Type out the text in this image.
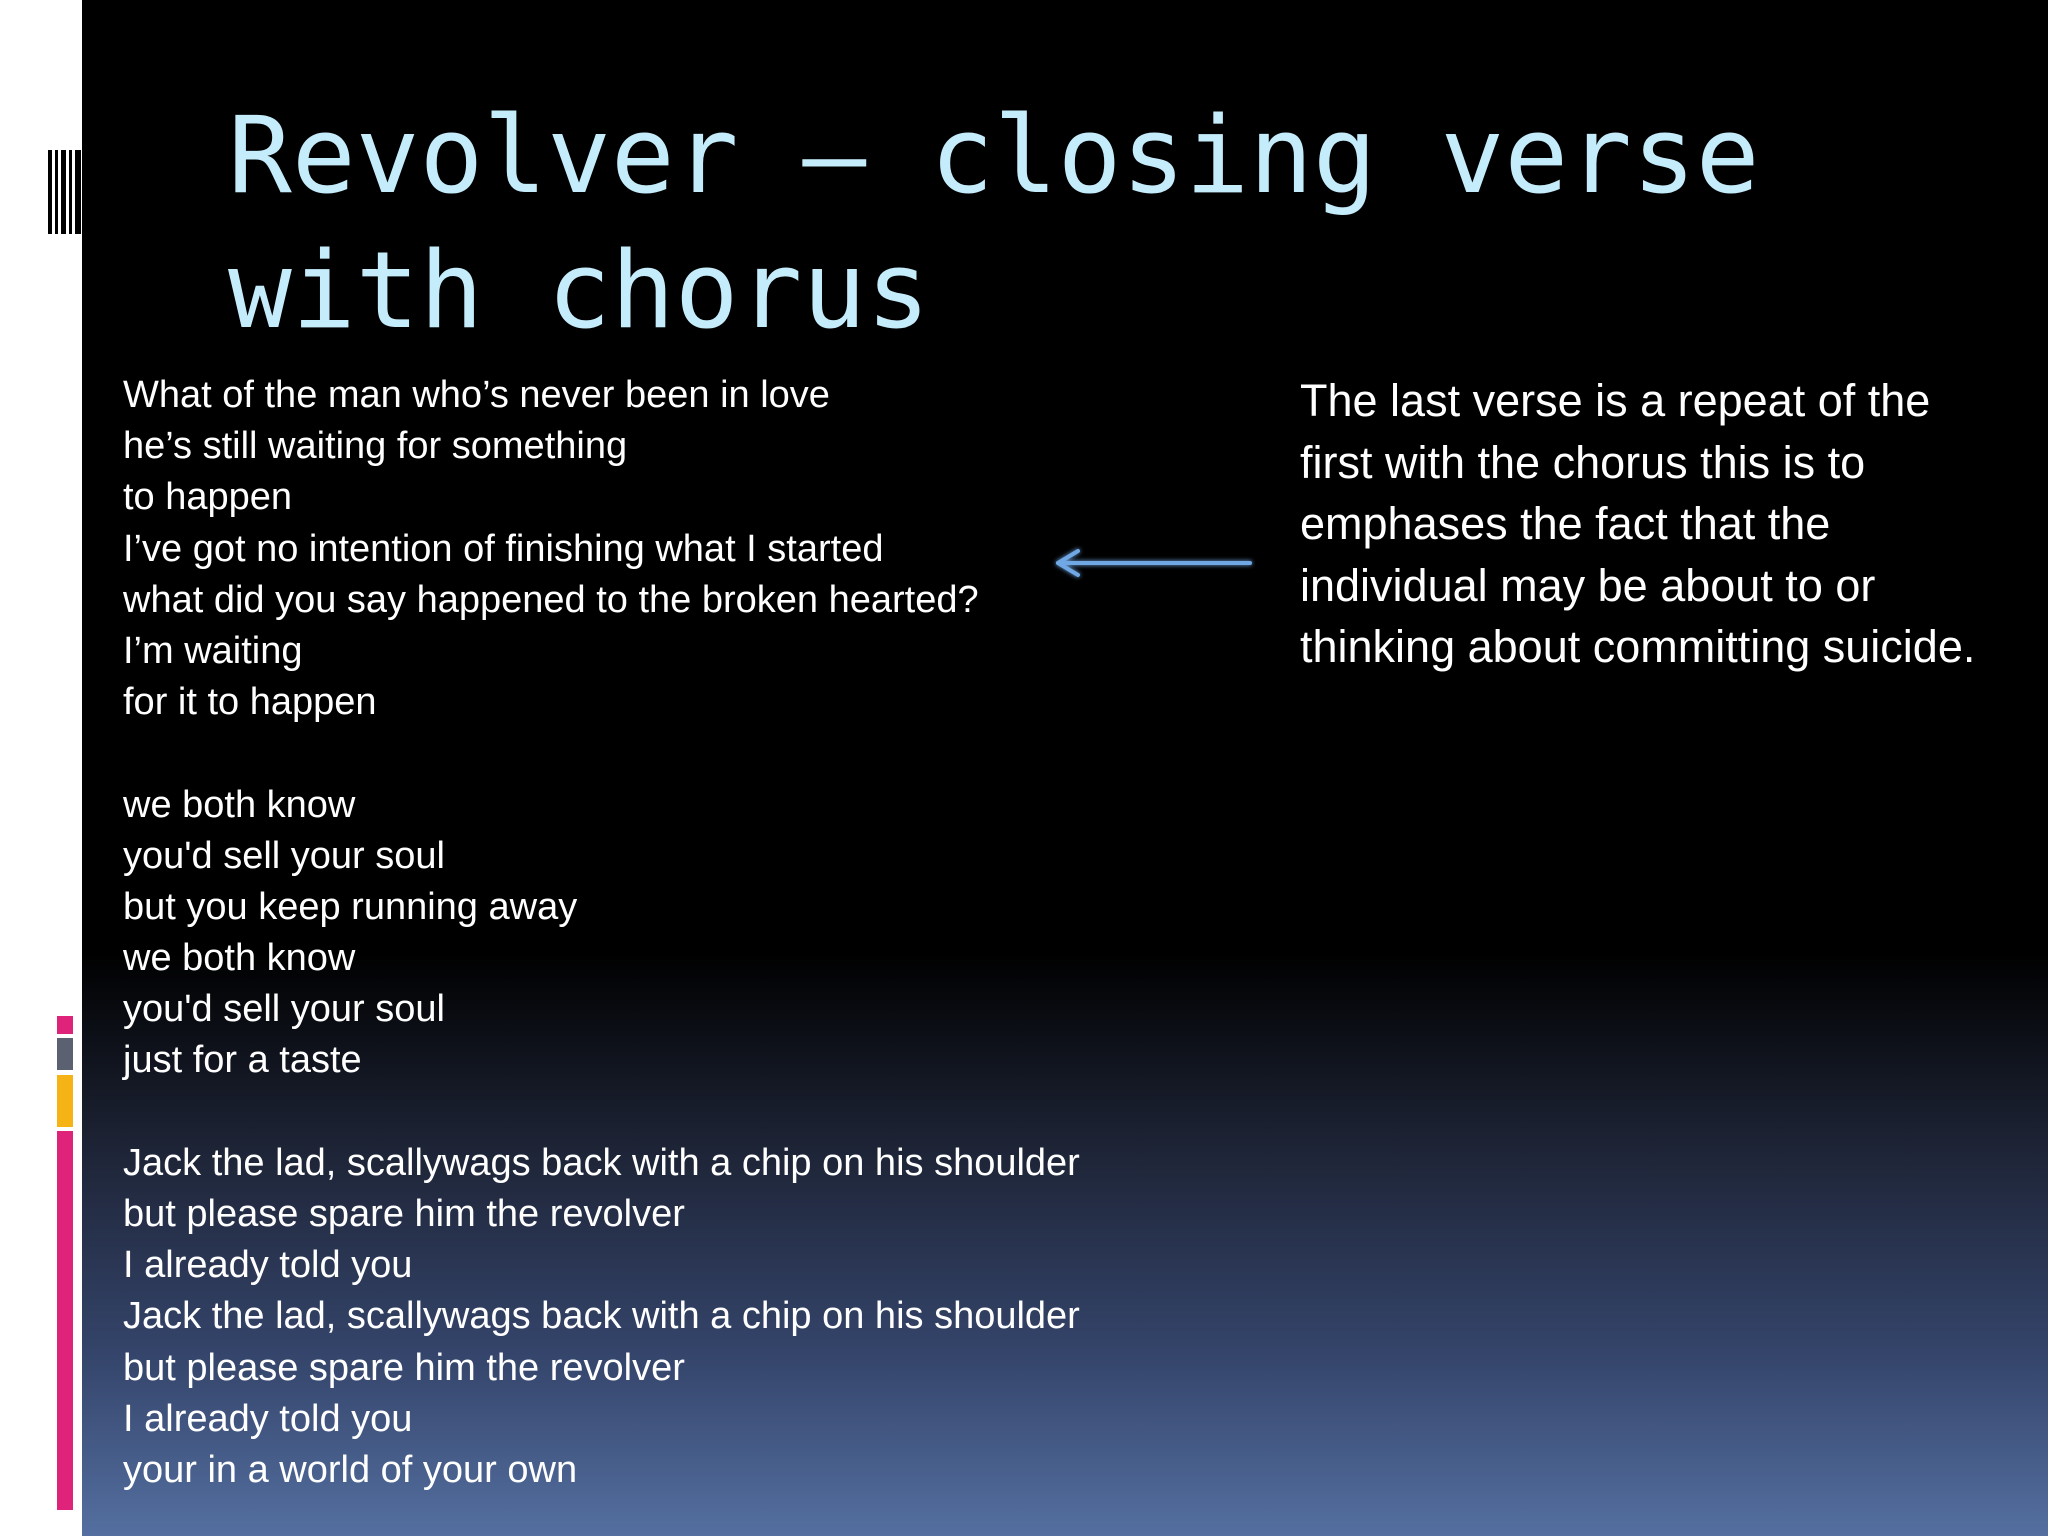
Revolver – closing verse
with chorus
What of the man who’s never been in love
he’s still waiting for something
to happen
I’ve got no intention of finishing what I started
what did you say happened to the broken hearted?
I’m waiting
for it to happen
we both know
you'd sell your soul
but you keep running away
we both know
you'd sell your soul
just for a taste
Jack the lad, scallywags back with a chip on his shoulder
but please spare him the revolver
I already told you
Jack the lad, scallywags back with a chip on his shoulder
but please spare him the revolver
I already told you
your in a world of your own
The last verse is a repeat of the first with the chorus this is to emphases the fact that the individual may be about to or thinking about committing suicide.
